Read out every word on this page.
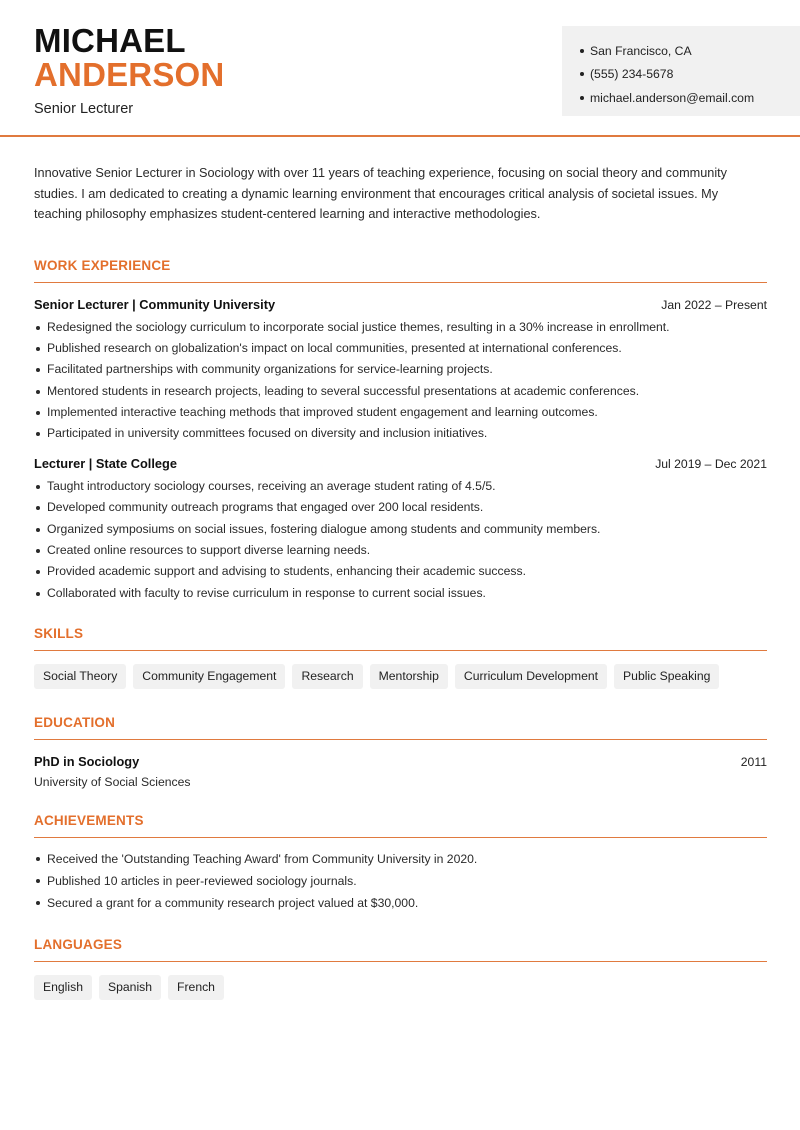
MICHAEL
ANDERSON
Senior Lecturer
San Francisco, CA
(555) 234-5678
michael.anderson@email.com

Innovative Senior Lecturer in Sociology with over 11 years of teaching experience, focusing on social theory and community studies. I am dedicated to creating a dynamic learning environment that encourages critical analysis of societal issues. My teaching philosophy emphasizes student-centered learning and interactive methodologies.

WORK EXPERIENCE
Senior Lecturer | Community University	Jan 2022 – Present
Redesigned the sociology curriculum to incorporate social justice themes, resulting in a 30% increase in enrollment.
Published research on globalization's impact on local communities, presented at international conferences.
Facilitated partnerships with community organizations for service-learning projects.
Mentored students in research projects, leading to several successful presentations at academic conferences.
Implemented interactive teaching methods that improved student engagement and learning outcomes.
Participated in university committees focused on diversity and inclusion initiatives.
Lecturer | State College	Jul 2019 – Dec 2021
Taught introductory sociology courses, receiving an average student rating of 4.5/5.
Developed community outreach programs that engaged over 200 local residents.
Organized symposiums on social issues, fostering dialogue among students and community members.
Created online resources to support diverse learning needs.
Provided academic support and advising to students, enhancing their academic success.
Collaborated with faculty to revise curriculum in response to current social issues.
SKILLS
Social Theory	Community Engagement	Research	Mentorship	Curriculum Development	Public Speaking
EDUCATION
PhD in Sociology	2011
University of Social Sciences
ACHIEVEMENTS
Received the 'Outstanding Teaching Award' from Community University in 2020.
Published 10 articles in peer-reviewed sociology journals.
Secured a grant for a community research project valued at $30,000.
LANGUAGES
English	Spanish	French
